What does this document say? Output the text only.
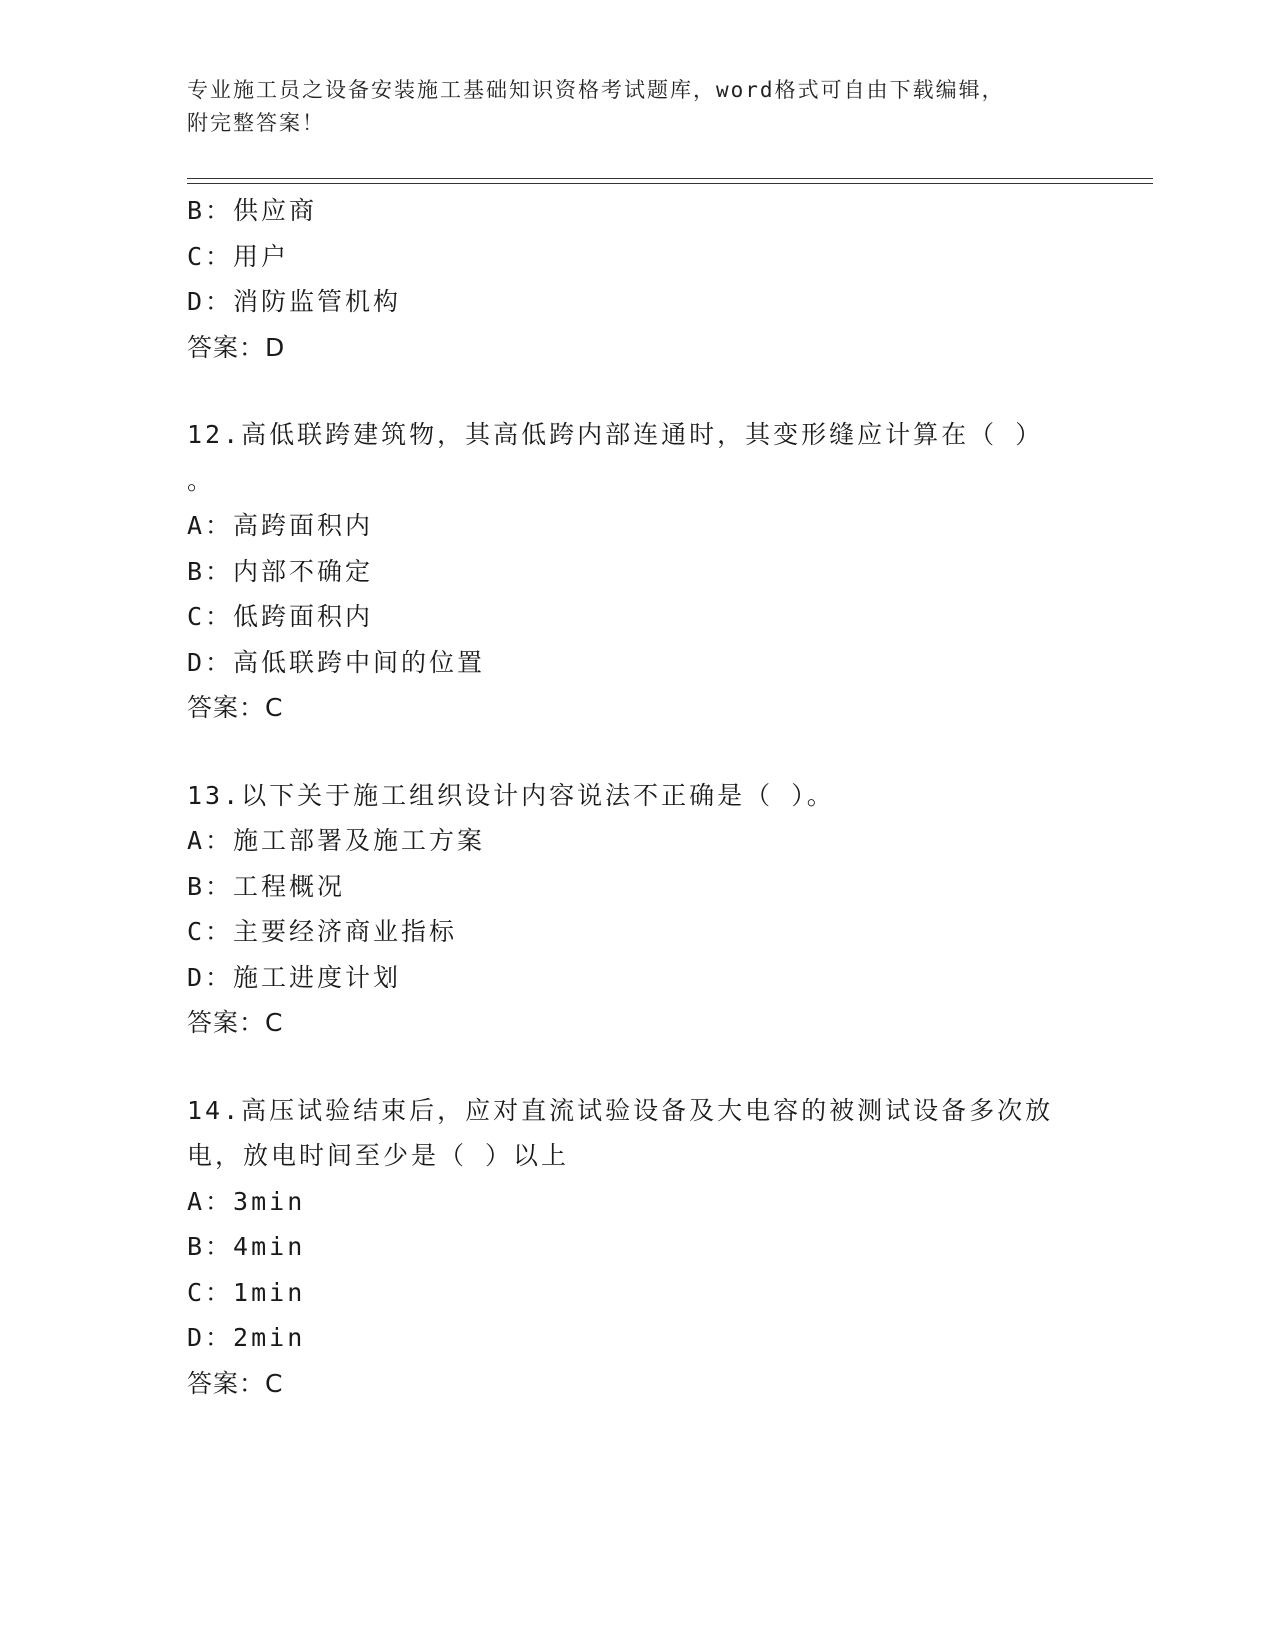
专业施工员之设备安装施工基础知识资格考试题库，word格式可自由下载编辑，
附完整答案！
B：供应商
C：用户
D：消防监管机构
答案：D
12.高低联跨建筑物，其高低跨内部连通时，其变形缝应计算在（ ）
。
A：高跨面积内
B：内部不确定
C：低跨面积内
D：高低联跨中间的位置
答案：C
13.以下关于施工组织设计内容说法不正确是（ ）。
A：施工部署及施工方案
B：工程概况
C：主要经济商业指标
D：施工进度计划
答案：C
14.高压试验结束后，应对直流试验设备及大电容的被测试设备多次放
电，放电时间至少是（ ）以上
A：3min
B：4min
C：1min
D：2min
答案：C
